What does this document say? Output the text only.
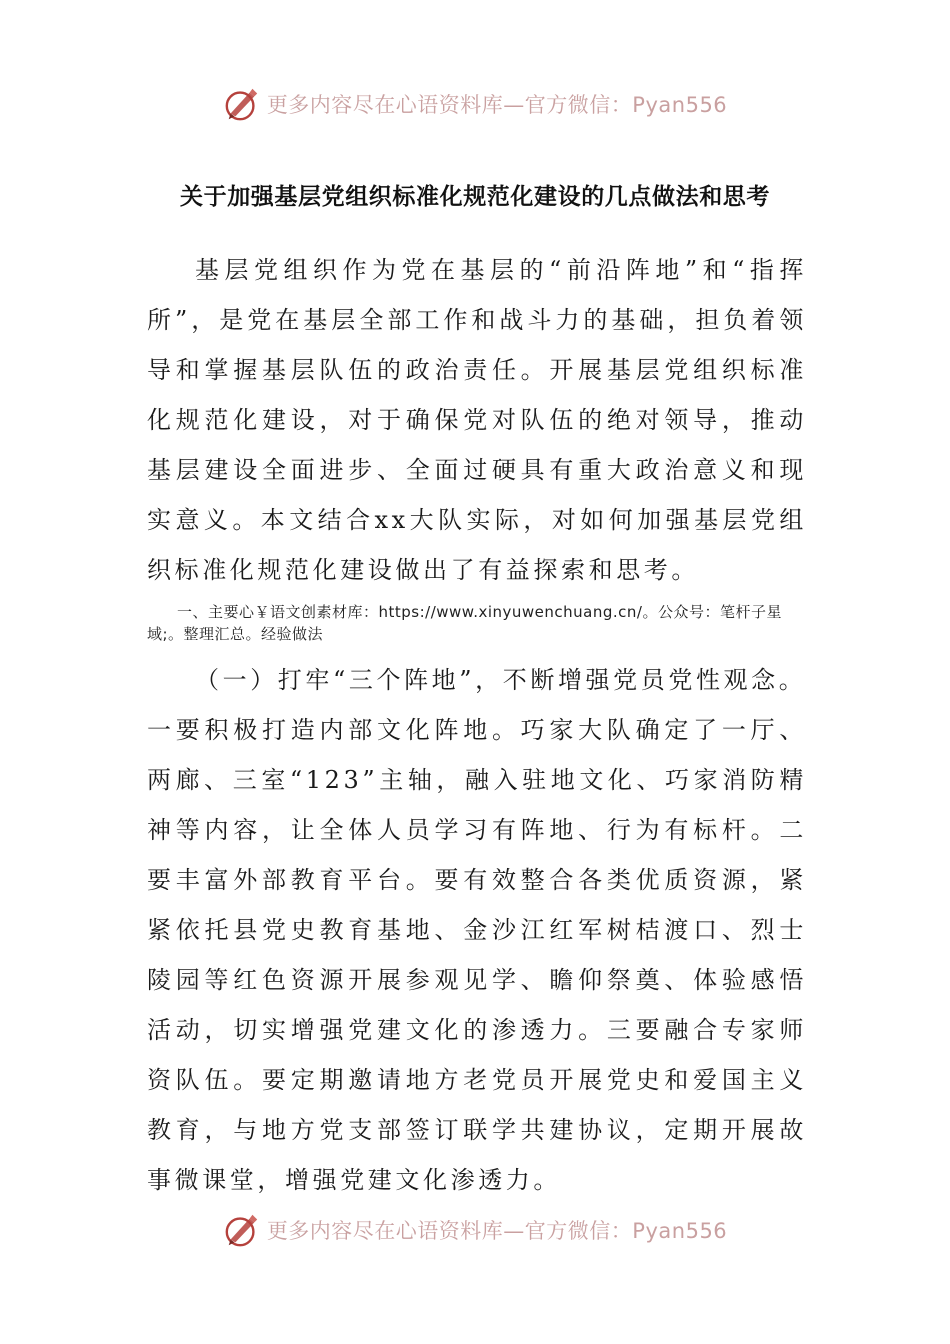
更多内容尽在心语资料库—官方微信：Pyan556
关于加强基层党组织标准化规范化建设的几点做法和思考

基层党组织作为党在基层的“前沿阵地”和“指挥所”，是党在基层全部工作和战斗力的基础，担负着领导和掌握基层队伍的政治责任。开展基层党组织标准化规范化建设，对于确保党对队伍的绝对领导，推动基层建设全面进步、全面过硬具有重大政治意义和现实意义。本文结合xx大队实际，对如何加强基层党组织标准化规范化建设做出了有益探索和思考。

一、主要心￥语文创素材库：https://www.xinyuwenchuang.cn/。公众号：笔杆子星域;。整理汇总。经验做法

（一）打牢“三个阵地”，不断增强党员党性观念。

一要积极打造内部文化阵地。巧家大队确定了一厅、两廊、三室“123”主轴，融入驻地文化、巧家消防精神等内容，让全体人员学习有阵地、行为有标杆。二要丰富外部教育平台。要有效整合各类优质资源，紧紧依托县党史教育基地、金沙江红军树桔渡口、烈士陵园等红色资源开展参观见学、瞻仰祭奠、体验感悟活动，切实增强党建文化的渗透力。三要融合专家师资队伍。要定期邀请地方老党员开展党史和爱国主义教育，与地方党支部签订联学共建协议，定期开展故事微课堂，增强党建文化渗透力。

更多内容尽在心语资料库—官方微信：Pyan556
